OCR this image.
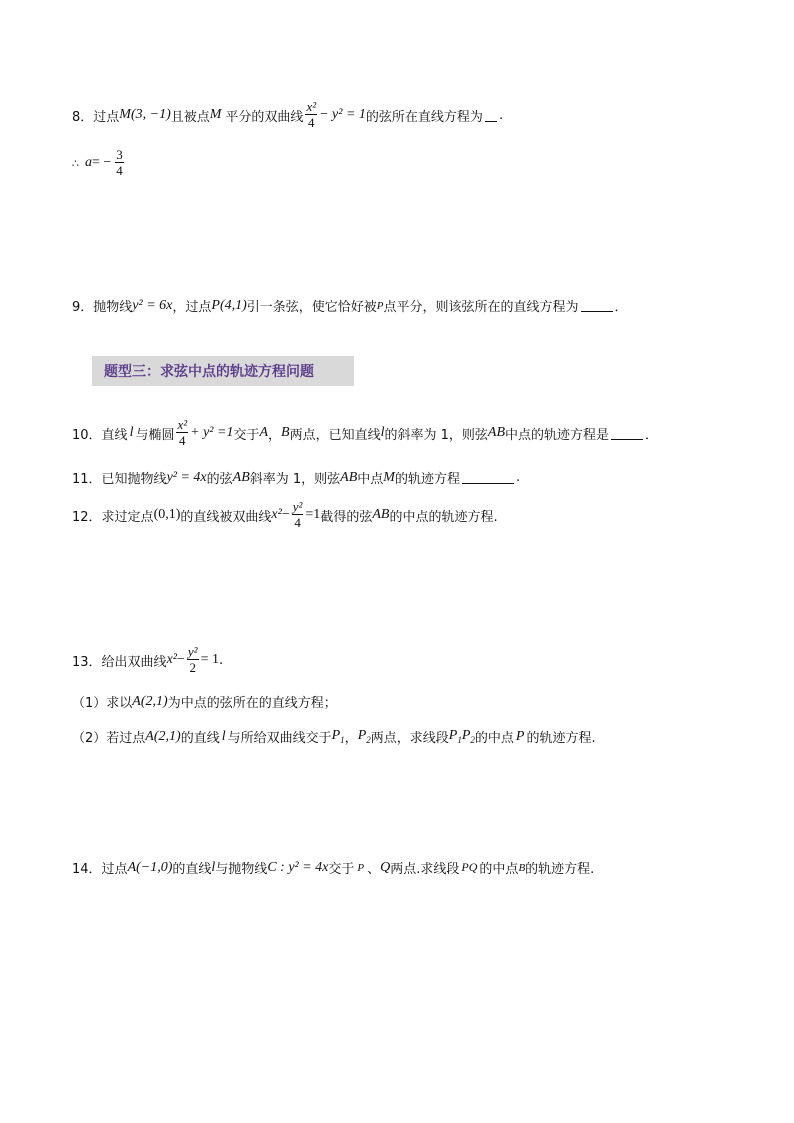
8． 过点 M(3, −1) 且被点 M 平分的双曲线 $\frac{\text{x²}}{4} - y^2 = 1$ 的弦所在直线方程为 .
∴ a = − $\frac{3}{4}$
9． 抛物线 y² = 6x ，过点 P(4,1) 引一条弦，使它恰好被 P 点平分，则该弦所在的直线方程为	．
题型三：求弦中点的轨迹方程问题
10． 直线 l 与椭圆 $\frac{\text{x²}}{4} + y^2 =1$ 交于 A ， B 两点，已知直线 l 的斜率为 1，则弦 AB 中点的轨迹方程是	．
11． 已知抛物线 y² = 4x 的弦 AB 斜率为 1，则弦 AB 中点 M 的轨迹方程	.
12． 求过定点 (0,1) 的直线被双曲线 $x^2 - \frac{\text{y²}}{4} =1$ 截得的弦 AB 的中点的轨迹方程.
13． 给出双曲线 $x^2 - \frac{\text{y²}}{2} = 1$ .
（1） 求以 A(2,1) 为中点的弦所在的直线方程；
（2） 若过点 A(2,1) 的直线 l 与所给双曲线交于 $P_1$ ， $P_2$ 两点，求线段 $P_1P_2$ 的中点 P 的轨迹方程.
14． 过点 A(−1,0) 的直线 l 与抛物线 C : y² = 4x 交于 P 、 Q 两点.求线段 PQ 的中点 B 的轨迹方程.
